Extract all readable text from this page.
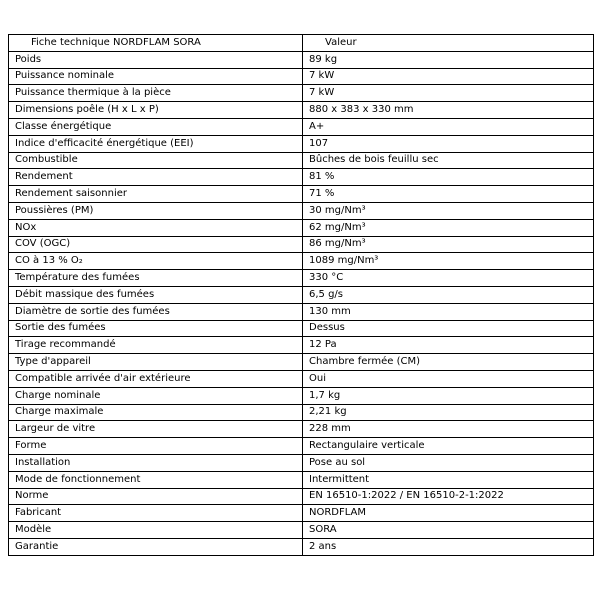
Fiche technique NORDFLAM SORA	Valeur
Poids	89 kg
Puissance nominale	7 kW
Puissance thermique à la pièce	7 kW
Dimensions poêle (H x L x P)	880 x 383 x 330 mm
Classe énergétique	A+
Indice d'efficacité énergétique (EEI)	107
Combustible	Bûches de bois feuillu sec
Rendement	81 %
Rendement saisonnier	71 %
Poussières (PM)	30 mg/Nm³
NOx	62 mg/Nm³
COV (OGC)	86 mg/Nm³
CO à 13 % O₂	1089 mg/Nm³
Température des fumées	330 °C
Débit massique des fumées	6,5 g/s
Diamètre de sortie des fumées	130 mm
Sortie des fumées	Dessus
Tirage recommandé	12 Pa
Type d'appareil	Chambre fermée (CM)
Compatible arrivée d'air extérieure	Oui
Charge nominale	1,7 kg
Charge maximale	2,21 kg
Largeur de vitre	228 mm
Forme	Rectangulaire verticale
Installation	Pose au sol
Mode de fonctionnement	Intermittent
Norme	EN 16510-1:2022 / EN 16510-2-1:2022
Fabricant	NORDFLAM
Modèle	SORA
Garantie	2 ans
